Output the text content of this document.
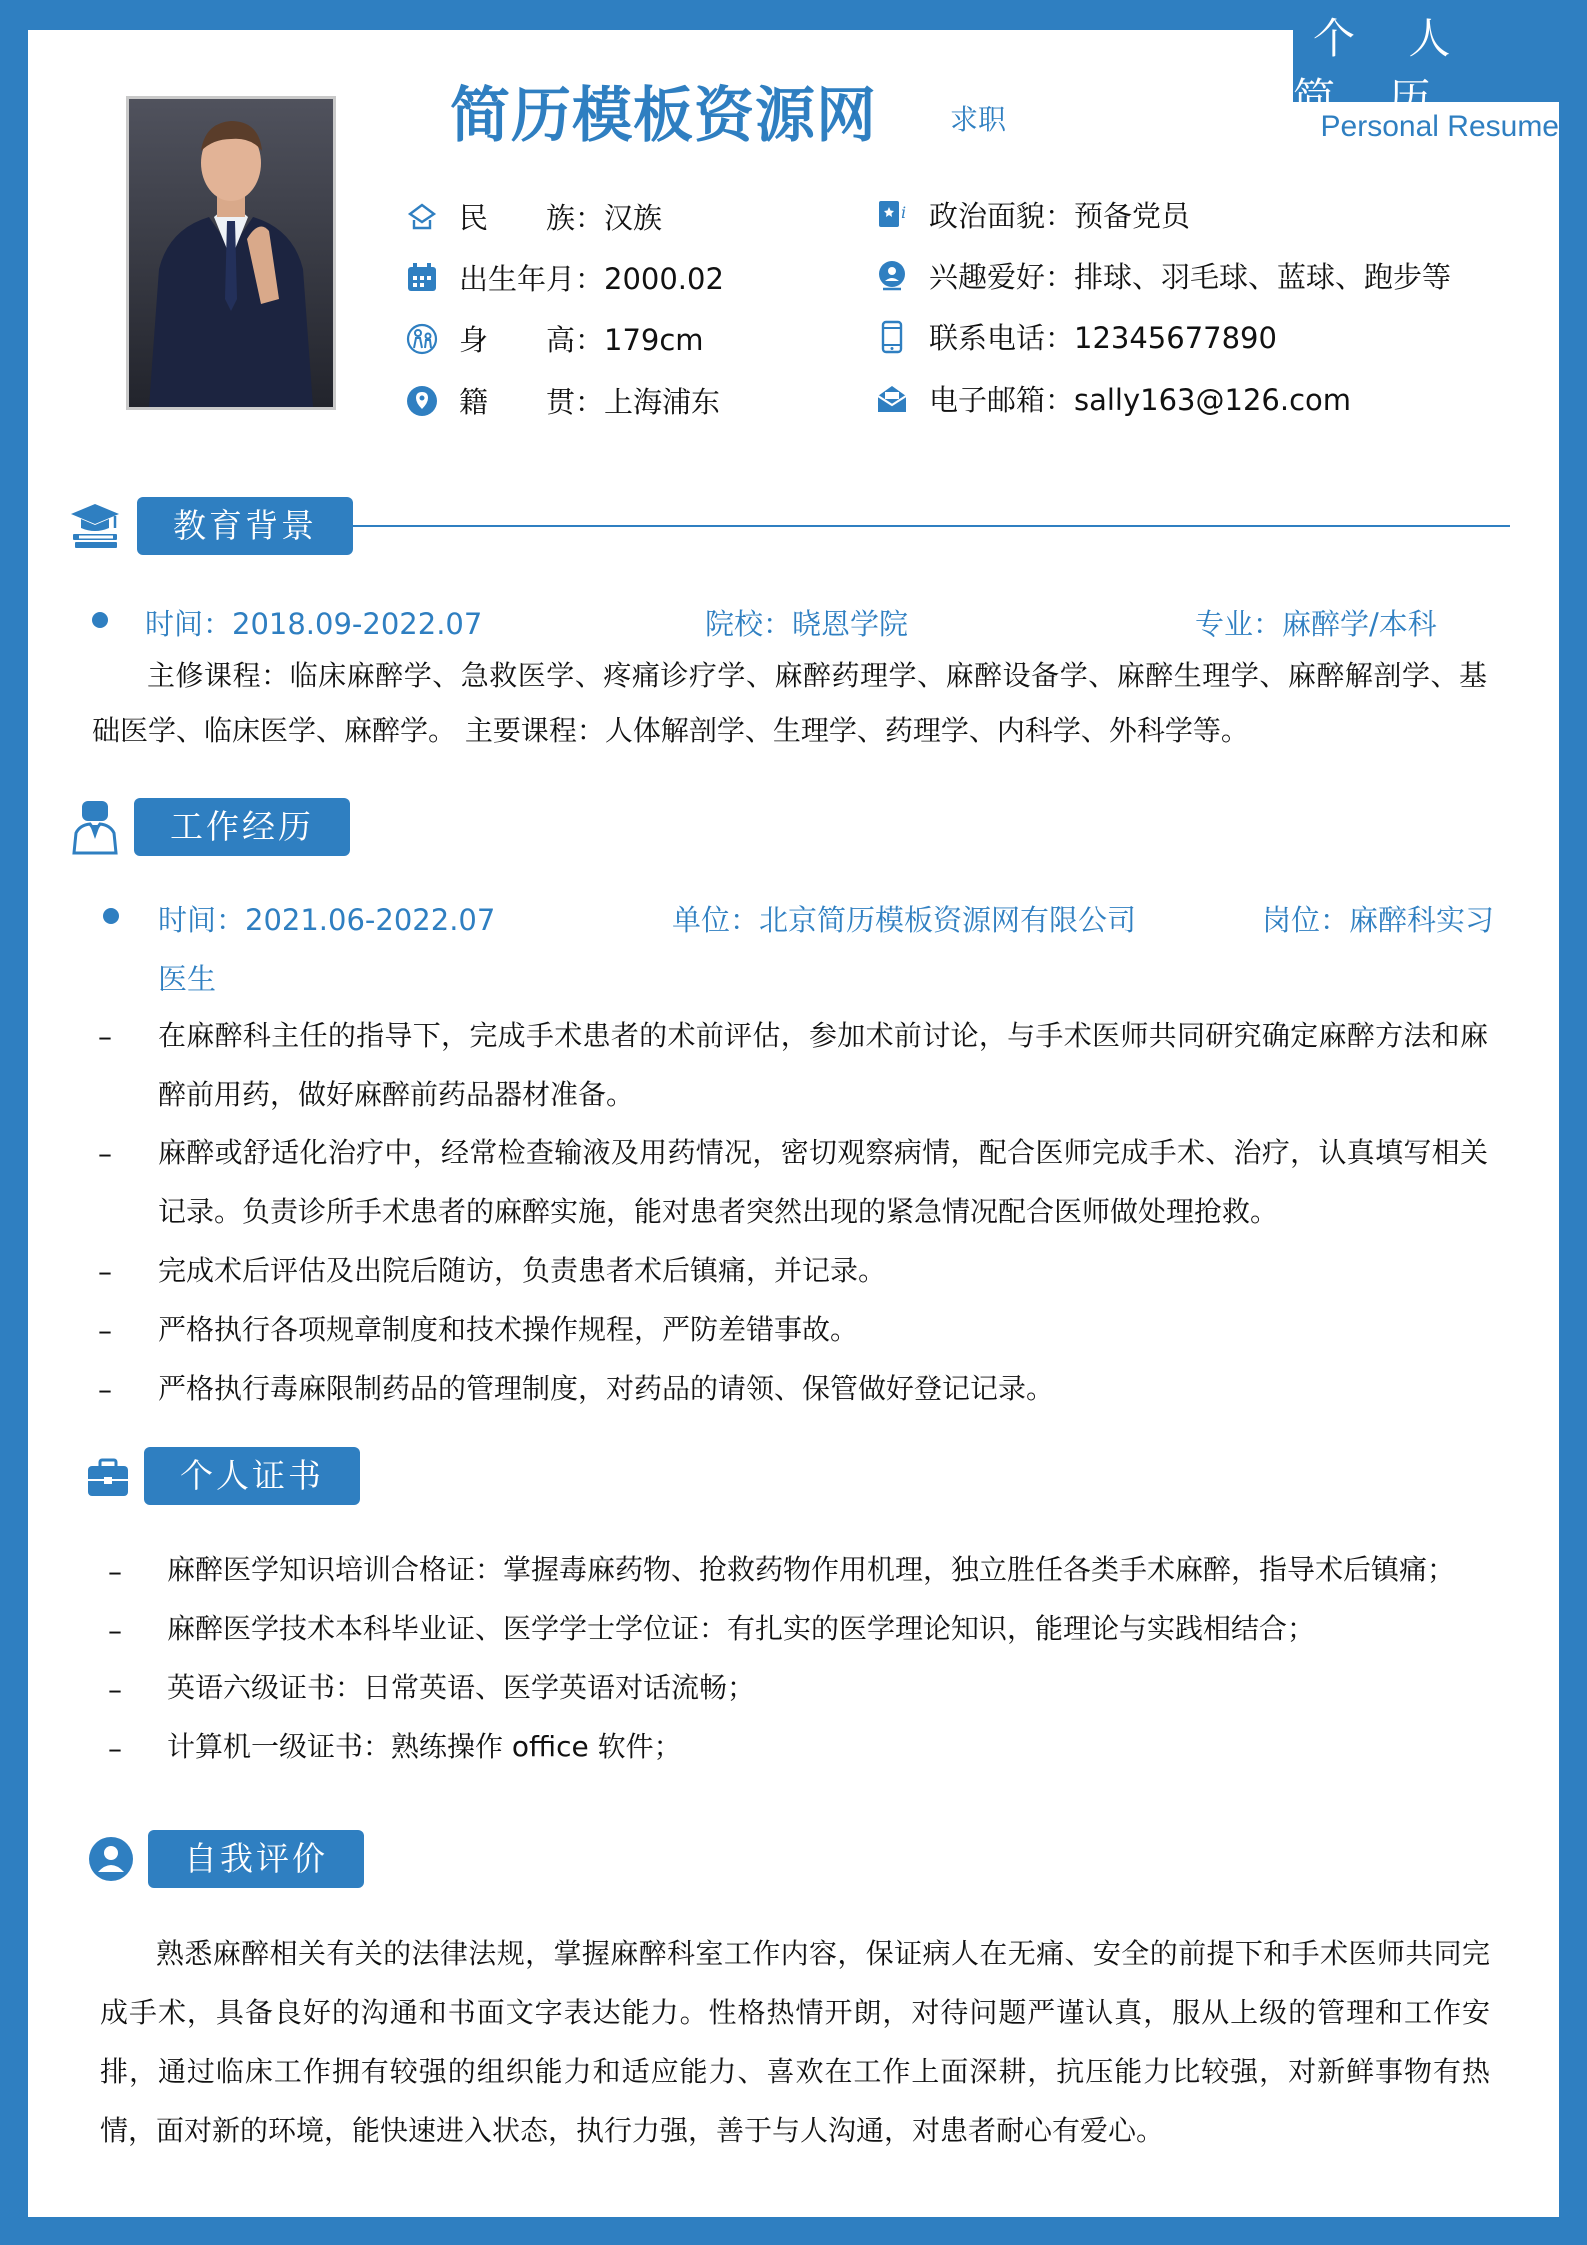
个 人 简 历
Personal Resume
简历模板资源网	求职
民　　族：汉族
出生年月：2000.02
身　　高：179cm
籍　　贯：上海浦东
i 政治面貌：预备党员
兴趣爱好：排球、羽毛球、蓝球、跑步等
联系电话：12345677890
电子邮箱：sally163@126.com
教育背景
时间：2018.09-2022.07	院校：晓恩学院	专业：麻醉学/本科
主修课程：临床麻醉学、急救医学、疼痛诊疗学、麻醉药理学、麻醉设备学、麻醉生理学、麻醉解剖学、基础医学、临床医学、麻醉学。 主要课程：人体解剖学、生理学、药理学、内科学、外科学等。
工作经历
时间：2021.06-2022.07	单位：北京简历模板资源网有限公司	岗位：麻醉科实习
医生
– 在麻醉科主任的指导下，完成手术患者的术前评估，参加术前讨论，与手术医师共同研究确定麻醉方法和麻醉前用药，做好麻醉前药品器材准备。
– 麻醉或舒适化治疗中，经常检查输液及用药情况，密切观察病情，配合医师完成手术、治疗，认真填写相关记录。负责诊所手术患者的麻醉实施，能对患者突然出现的紧急情况配合医师做处理抢救。
– 完成术后评估及出院后随访，负责患者术后镇痛，并记录。
– 严格执行各项规章制度和技术操作规程，严防差错事故。
– 严格执行毒麻限制药品的管理制度，对药品的请领、保管做好登记记录。
个人证书
– 麻醉医学知识培训合格证：掌握毒麻药物、抢救药物作用机理，独立胜任各类手术麻醉，指导术后镇痛；
– 麻醉医学技术本科毕业证、医学学士学位证：有扎实的医学理论知识，能理论与实践相结合；
– 英语六级证书：日常英语、医学英语对话流畅；
– 计算机一级证书：熟练操作 office 软件；
自我评价
熟悉麻醉相关有关的法律法规，掌握麻醉科室工作内容，保证病人在无痛、安全的前提下和手术医师共同完成手术，具备良好的沟通和书面文字表达能力。性格热情开朗，对待问题严谨认真，服从上级的管理和工作安排，通过临床工作拥有较强的组织能力和适应能力、喜欢在工作上面深耕，抗压能力比较强，对新鲜事物有热情，面对新的环境，能快速进入状态，执行力强，善于与人沟通，对患者耐心有爱心。
